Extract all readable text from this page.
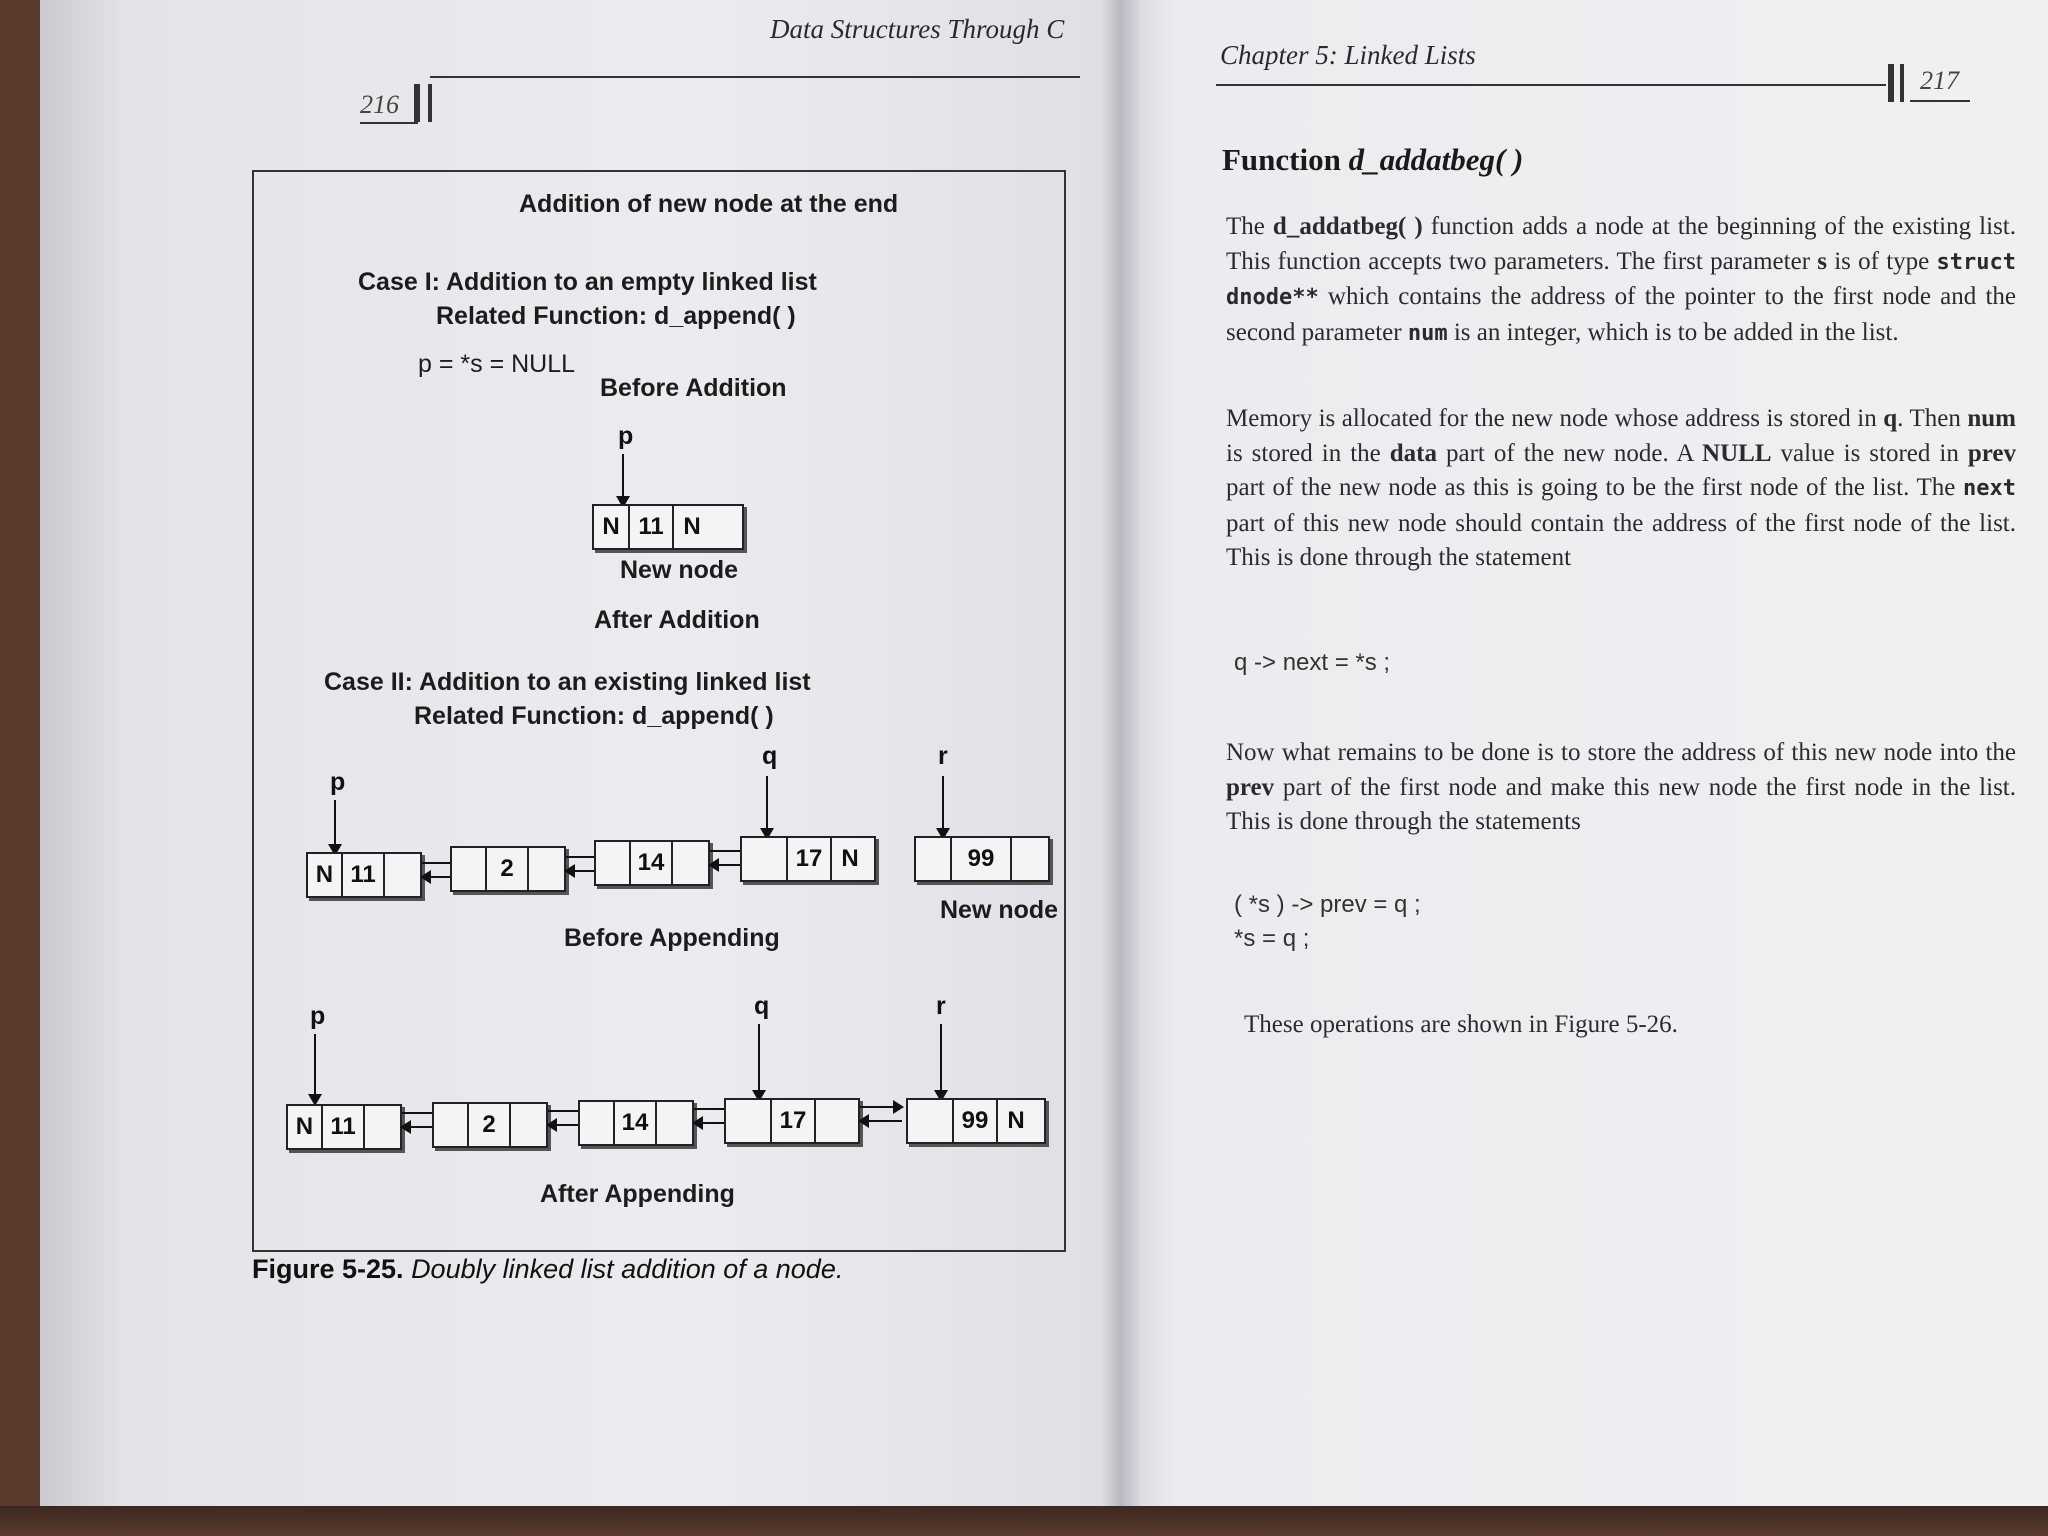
Data Structures Through C
216
Addition of new node at the end
Case I: Addition to an empty linked list
Related Function: d_append( )
p = *s = NULL
Before Addition
p
N 11 N
New node
After Addition
Case II: Addition to an existing linked list
Related Function: d_append( )
p
q	r
N 11	2	14	17 N	99
New node
Before Appending
p	q	r
N 11	2	14	17	99 N
After Appending
Figure 5-25. Doubly linked list addition of a node.
Chapter 5: Linked Lists
217
Function d_addatbeg( )
The d_addatbeg( ) function adds a node at the beginning of the existing list. This function accepts two parameters. The first parameter s is of type struct dnode** which contains the address of the pointer to the first node and the second parameter num is an integer, which is to be added in the list.
Memory is allocated for the new node whose address is stored in q. Then num is stored in the data part of the new node. A NULL value is stored in prev part of the new node as this is going to be the first node of the list. The next part of this new node should contain the address of the first node of the list. This is done through the statement
q -> next = *s ;
Now what remains to be done is to store the address of this new node into the prev part of the first node and make this new node the first node in the list. This is done through the statements
( *s ) -> prev = q ;
*s = q ;
These operations are shown in Figure 5-26.
